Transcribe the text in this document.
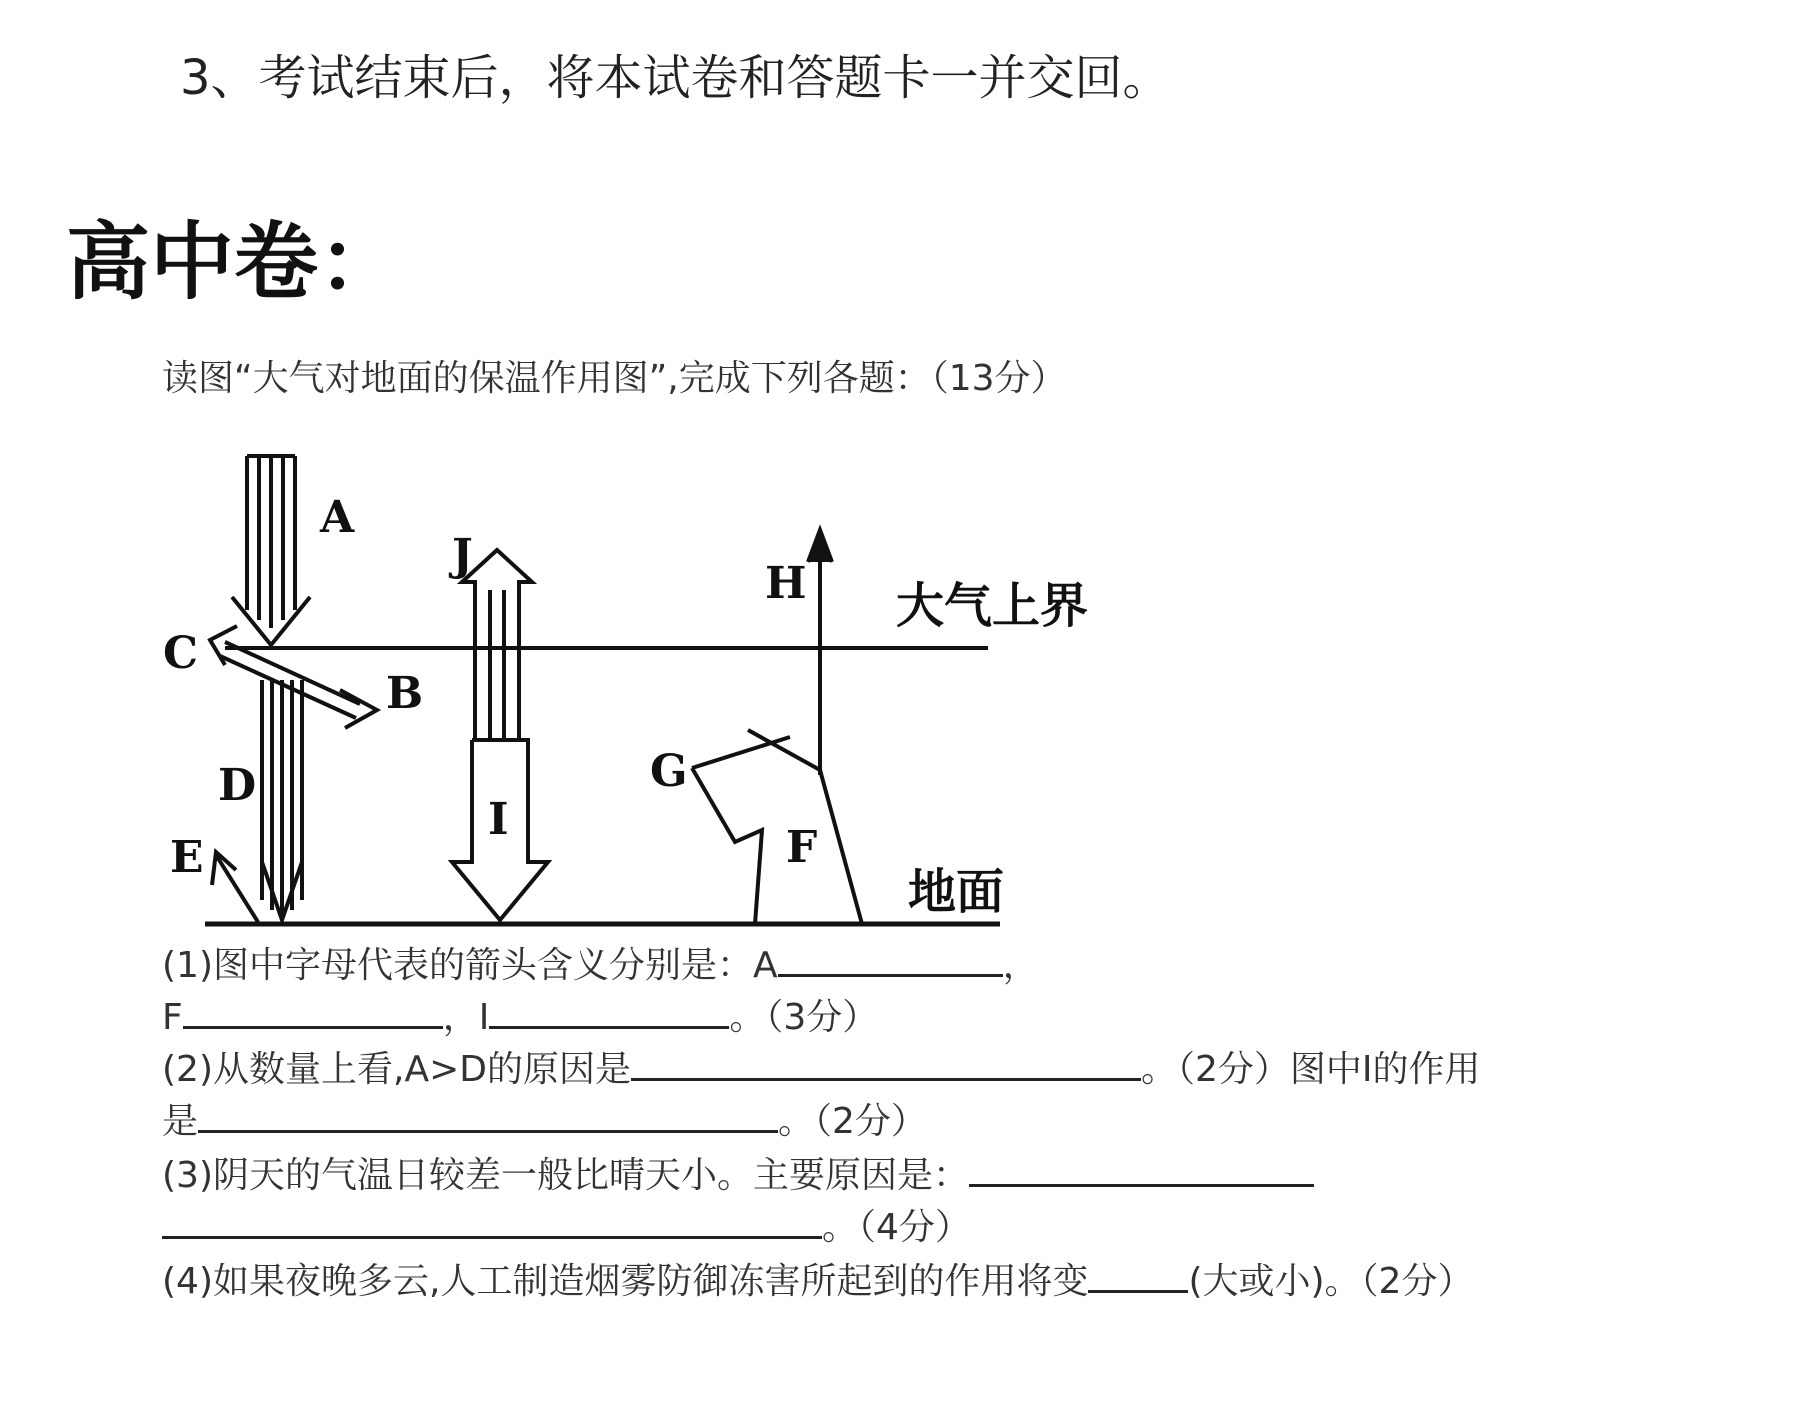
3、考试结束后，将本试卷和答题卡一并交回。
高中卷：
读图“大气对地面的保温作用图”,完成下列各题：（13分）
A
B
C
D
E	F
G
H
I
J
大气上界
地面
(1)图中字母代表的箭头含义分别是：A	，
F	，I	。（3分）
(2)从数量上看,A>D的原因是	。（2分）图中I的作用
是	。（2分）
(3)阴天的气温日较差一般比晴天小。主要原因是：
。（4分）
(4)如果夜晚多云,人工制造烟雾防御冻害所起到的作用将变	(大或小)。（2分）
